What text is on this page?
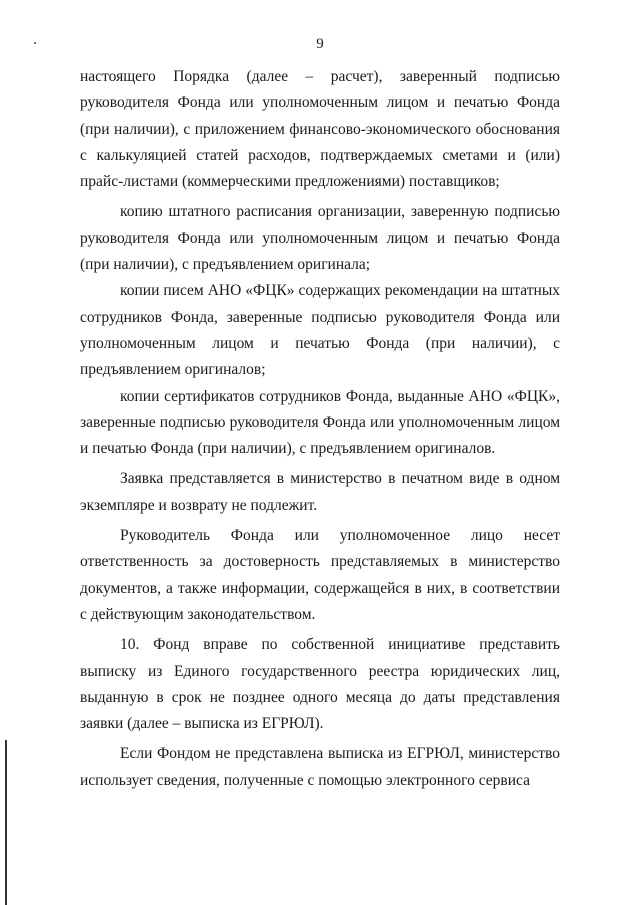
9

настоящего Порядка (далее – расчет), заверенный подписью руководителя Фонда или уполномоченным лицом и печатью Фонда (при наличии), с приложением финансово-экономического обоснования с калькуляцией статей расходов, подтверждаемых сметами и (или) прайс-листами (коммерческими предложениями) поставщиков;

копию штатного расписания организации, заверенную подписью руководителя Фонда или уполномоченным лицом и печатью Фонда (при наличии), с предъявлением оригинала;

копии писем АНО «ФЦК» содержащих рекомендации на штатных сотрудников Фонда, заверенные подписью руководителя Фонда или уполномоченным лицом и печатью Фонда (при наличии), с предъявлением оригиналов;

копии сертификатов сотрудников Фонда, выданные АНО «ФЦК», заверенные подписью руководителя Фонда или уполномоченным лицом и печатью Фонда (при наличии), с предъявлением оригиналов.

Заявка представляется в министерство в печатном виде в одном экземпляре и возврату не подлежит.

Руководитель Фонда или уполномоченное лицо несет ответственность за достоверность представляемых в министерство документов, а также информации, содержащейся в них, в соответствии с действующим законодательством.

10. Фонд вправе по собственной инициативе представить выписку из Единого государственного реестра юридических лиц, выданную в срок не позднее одного месяца до даты представления заявки (далее – выписка из ЕГРЮЛ).

Если Фондом не представлена выписка из ЕГРЮЛ, министерство использует сведения, полученные с помощью электронного сервиса
